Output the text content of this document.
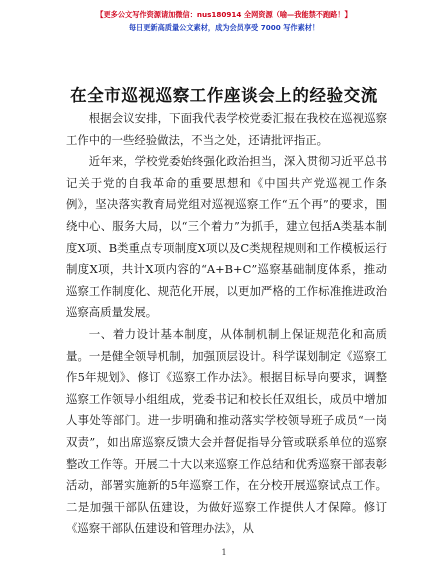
【更多公文写作资源请加微信：nus180914 全网资源（喻—我能禁不跑路！】
每日更新高质量公文素材，成为会员享受 7000 写作素材！
在全市巡视巡察工作座谈会上的经验交流

根据会议安排，下面我代表学校党委汇报在我校在巡视巡察工作中的一些经验做法，不当之处，还请批评指正。

近年来，学校党委始终强化政治担当，深入贯彻习近平总书记关于党的自我革命的重要思想和《中国共产党巡视工作条例》，坚决落实教育局党组对巡视巡察工作“五个再”的要求，围绕中心、服务大局，以“三个着力”为抓手，建立包括A类基本制度X项、B类重点专项制度X项以及C类规程规则和工作模板运行制度X项，共计X项内容的“A+B+C”巡察基础制度体系，推动巡察工作制度化、规范化开展，以更加严格的工作标准推进政治巡察高质量发展。

一、着力设计基本制度，从体制机制上保证规范化和高质量。一是健全领导机制，加强顶层设计。科学谋划制定《巡察工作5年规划》、修订《巡察工作办法》。根据目标导向要求，调整巡察工作领导小组组成，党委书记和校长任双组长，成员中增加人事处等部门。进一步明确和推动落实学校领导班子成员“一岗双责”，如出席巡察反馈大会并督促指导分管或联系单位的巡察整改工作等。开展二十大以来巡察工作总结和优秀巡察干部表彰活动，部署实施新的5年巡察工作，在分校开展巡察试点工作。二是加强干部队伍建设，为做好巡察工作提供人才保障。修订《巡察干部队伍建设和管理办法》，从

1
